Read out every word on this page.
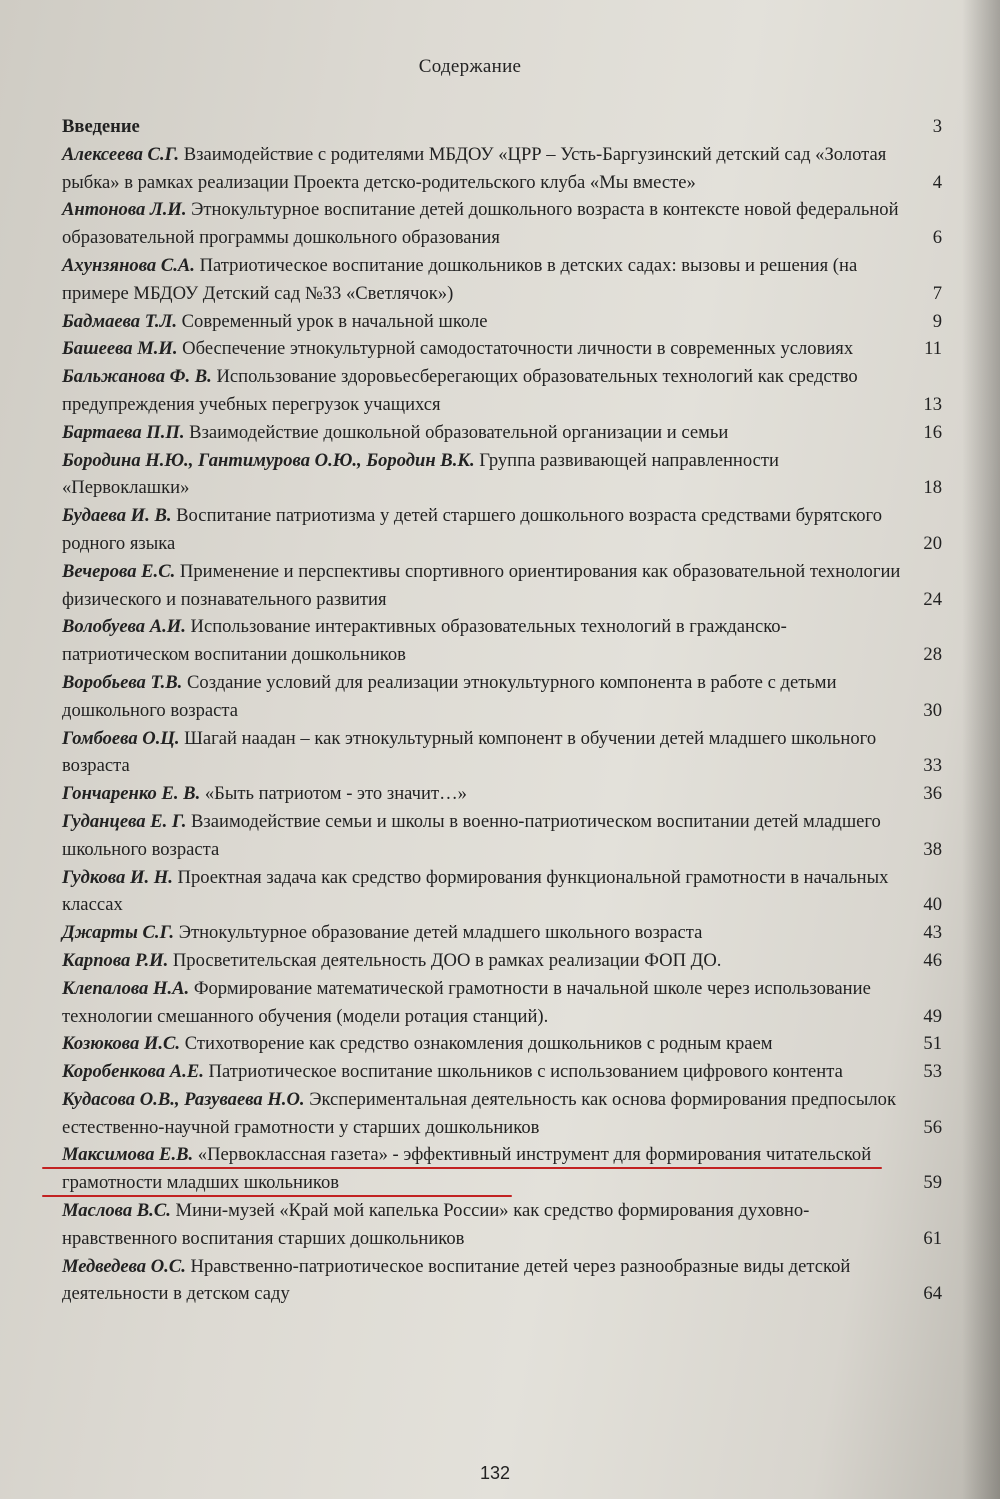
Содержание
Введение	3
Алексеева С.Г. Взаимодействие с родителями МБДОУ «ЦРР – Усть-Баргузинский детский сад «Золотая рыбка» в рамках реализации Проекта детско-родительского клуба «Мы вместе»	4
Антонова Л.И. Этнокультурное воспитание детей дошкольного возраста в контексте новой федеральной образовательной программы дошкольного образования	6
Ахунзянова С.А. Патриотическое воспитание дошкольников в детских садах: вызовы и решения (на примере МБДОУ Детский сад №33 «Светлячок»)	7
Бадмаева Т.Л. Современный урок в начальной школе	9
Башеева М.И. Обеспечение этнокультурной самодостаточности личности в современных условиях	11
Бальжанова Ф. В. Использование здоровьесберегающих образовательных технологий как средство предупреждения учебных перегрузок учащихся	13
Бартаева П.П. Взаимодействие дошкольной образовательной организации и семьи	16
Бородина Н.Ю., Гантимурова О.Ю., Бородин В.К. Группа развивающей направленности «Первоклашки»	18
Будаева И. В. Воспитание патриотизма у детей старшего дошкольного возраста средствами бурятского родного языка	20
Вечерова Е.С. Применение и перспективы спортивного ориентирования как образовательной технологии физического и познавательного развития	24
Волобуева А.И. Использование интерактивных образовательных технологий в гражданско-патриотическом воспитании дошкольников	28
Воробьева Т.В. Создание условий для реализации этнокультурного компонента в работе с детьми дошкольного возраста	30
Гомбоева О.Ц. Шагай наадан – как этнокультурный компонент в обучении детей младшего школьного возраста	33
Гончаренко Е. В. «Быть патриотом - это значит…»	36
Гуданцева Е. Г. Взаимодействие семьи и школы в военно-патриотическом воспитании детей младшего школьного возраста	38
Гудкова И. Н. Проектная задача как средство формирования функциональной грамотности в начальных классах	40
Джарты С.Г. Этнокультурное образование детей младшего школьного возраста	43
Карпова Р.И. Просветительская деятельность ДОО в рамках реализации ФОП ДО.	46
Клепалова Н.А. Формирование математической грамотности в начальной школе через использование технологии смешанного обучения (модели ротация станций).	49
Козюкова И.С. Стихотворение как средство ознакомления дошкольников с родным краем	51
Коробенкова А.Е. Патриотическое воспитание школьников с использованием цифрового контента	53
Кудасова О.В., Разуваева Н.О. Экспериментальная деятельность как основа формирования предпосылок естественно-научной грамотности у старших дошкольников	56
Максимова Е.В. «Первоклассная газета» - эффективный инструмент для формирования читательской грамотности младших школьников	59
Маслова В.С. Мини-музей «Край мой капелька России» как средство формирования духовно-нравственного воспитания старших дошкольников	61
Медведева О.С. Нравственно-патриотическое воспитание детей через разнообразные виды детской деятельности в детском саду	64
132
